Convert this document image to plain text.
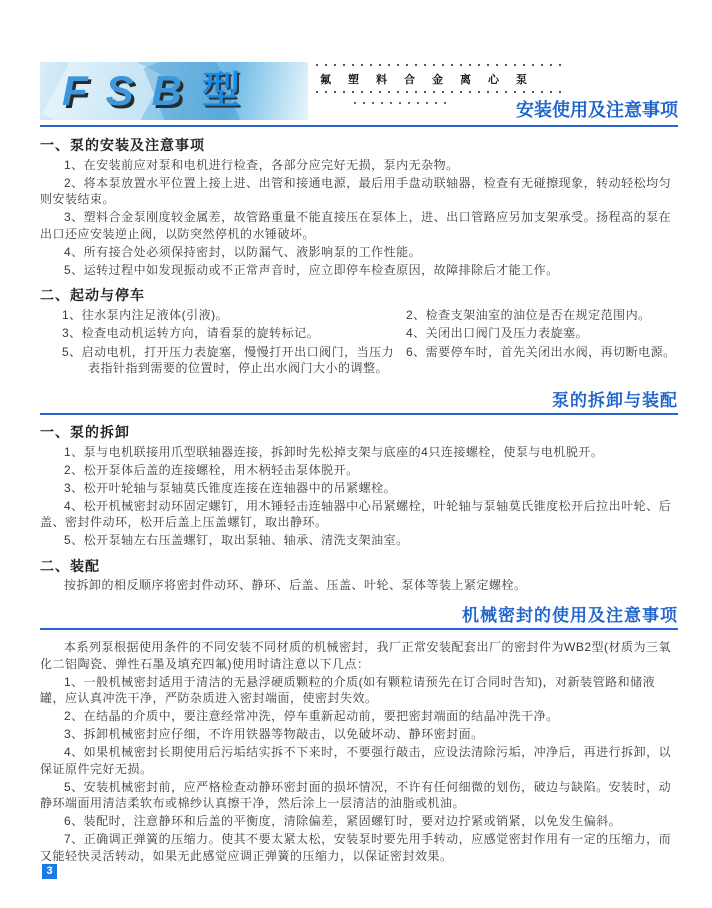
FSB 型	氟塑料合金离心泵
安装使用及注意事项
一、泵的安装及注意事项

1、在安装前应对泵和电机进行检查，各部分应完好无损，泵内无杂物。

2、将本泵放置水平位置上接上进、出管和接通电源，最后用手盘动联轴器，检查有无碰擦现象，转动轻松均匀则安装结束。

3、塑料合金泵刚度较金属差，故管路重量不能直接压在泵体上，进、出口管路应另加支架承受。扬程高的泵在出口还应安装逆止阀，以防突然停机的水锤破坏。

4、所有接合处必须保持密封，以防漏气、液影响泵的工作性能。

5、运转过程中如发现振动或不正常声音时，应立即停车检查原因，故障排除后才能工作。

二、起动与停车

1、往水泵内注足液体(引液)。	2、检查支架油室的油位是否在规定范围内。

3、检查电动机运转方向，请看泵的旋转标记。	4、关闭出口阀门及压力表旋塞。

5、启动电机，打开压力表旋塞，慢慢打开出口阀门，当压力表指针指到需要的位置时，停止出水阀门大小的调整。

6、需要停车时，首先关闭出水阀，再切断电源。

泵的拆卸与装配
一、泵的拆卸

1、泵与电机联接用爪型联轴器连接，拆卸时先松掉支架与底座的4只连接螺栓，使泵与电机脱开。

2、松开泵体后盖的连接螺栓，用木柄轻击泵体脱开。

3、松开叶轮轴与泵轴莫氏锥度连接在连轴器中的吊紧螺栓。

4、松开机械密封动环固定螺钉，用木锤轻击连轴器中心吊紧螺栓，叶轮轴与泵轴莫氏锥度松开后拉出叶轮、后盖、密封件动环，松开后盖上压盖螺钉，取出静环。

5、松开泵轴左右压盖螺钉，取出泵轴、轴承、清洗支架油室。

二、装配

按拆卸的相反顺序将密封件动环、静环、后盖、压盖、叶轮、泵体等装上紧定螺栓。

机械密封的使用及注意事项

本系列泵根据使用条件的不同安装不同材质的机械密封，我厂正常安装配套出厂的密封件为WB2型(材质为三氧化二铝陶瓷、弹性石墨及填充四氟)使用时请注意以下几点：

1、一般机械密封适用于清洁的无悬浮硬质颗粒的介质(如有颗粒请预先在订合同时告知)，对新装管路和储液罐，应认真冲洗干净，严防杂质进入密封端面，使密封失效。

2、在结晶的介质中，要注意经常冲洗，停车重新起动前，要把密封端面的结晶冲洗干净。

3、拆卸机械密封应仔细，不许用铁器等物敲击，以免破坏动、静环密封面。

4、如果机械密封长期使用后污垢结实拆不下来时，不要强行敲击，应设法清除污垢，冲净后，再进行拆卸，以保证原件完好无损。

5、安装机械密封前，应严格检查动静环密封面的损坏情况，不许有任何细微的划伤，破边与缺陷。安装时，动静环端面用清洁柔软布或棉纱认真擦干净，然后涂上一层清洁的油脂或机油。

6、装配时，注意静环和后盖的平衡度，清除偏差，紧固螺钉时，要对边拧紧或销紧，以免发生偏斜。

7、正确调正弹簧的压缩力。使其不要太紧太松，安装泵时要先用手转动，应感觉密封作用有一定的压缩力，而又能轻快灵活转动，如果无此感觉应调正弹簧的压缩力，以保证密封效果。

3
